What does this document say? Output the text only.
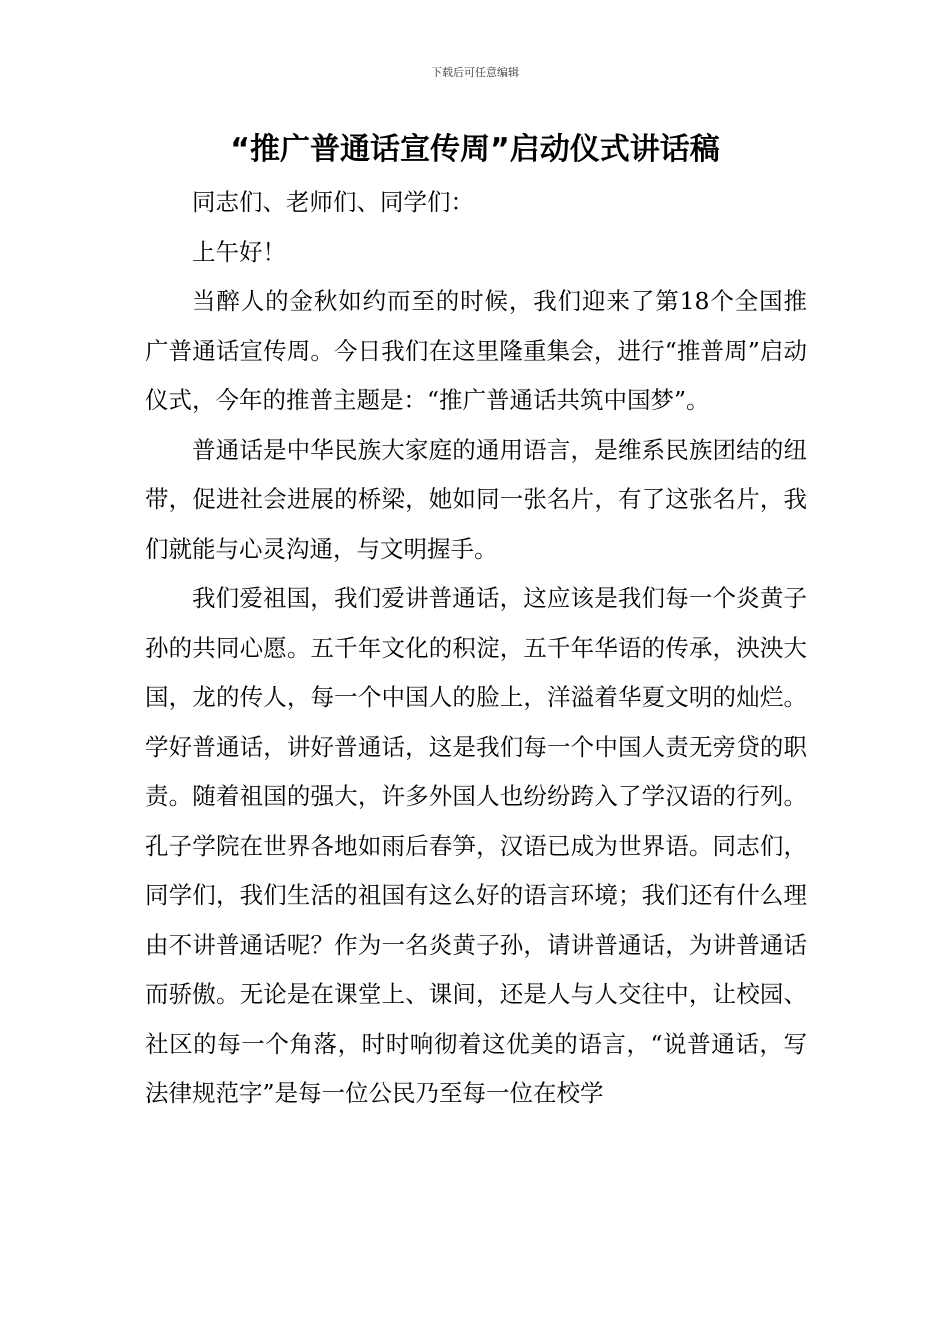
下载后可任意编辑
“推广普通话宣传周”启动仪式讲话稿

同志们、老师们、同学们：

上午好！

当醉人的金秋如约而至的时候，我们迎来了第18个全国推广普通话宣传周。今日我们在这里隆重集会，进行“推普周”启动仪式，今年的推普主题是：“推广普通话共筑中国梦”。

普通话是中华民族大家庭的通用语言，是维系民族团结的纽带，促进社会进展的桥梁，她如同一张名片，有了这张名片，我们就能与心灵沟通，与文明握手。

我们爱祖国，我们爱讲普通话，这应该是我们每一个炎黄子孙的共同心愿。五千年文化的积淀，五千年华语的传承，泱泱大国，龙的传人，每一个中国人的脸上，洋溢着华夏文明的灿烂。学好普通话，讲好普通话，这是我们每一个中国人责无旁贷的职责。随着祖国的强大，许多外国人也纷纷跨入了学汉语的行列。孔子学院在世界各地如雨后春笋，汉语已成为世界语。同志们，同学们，我们生活的祖国有这么好的语言环境；我们还有什么理由不讲普通话呢？作为一名炎黄子孙，请讲普通话，为讲普通话而骄傲。无论是在课堂上、课间，还是人与人交往中，让校园、社区的每一个角落，时时响彻着这优美的语言，“说普通话，写法律规范字”是每一位公民乃至每一位在校学
